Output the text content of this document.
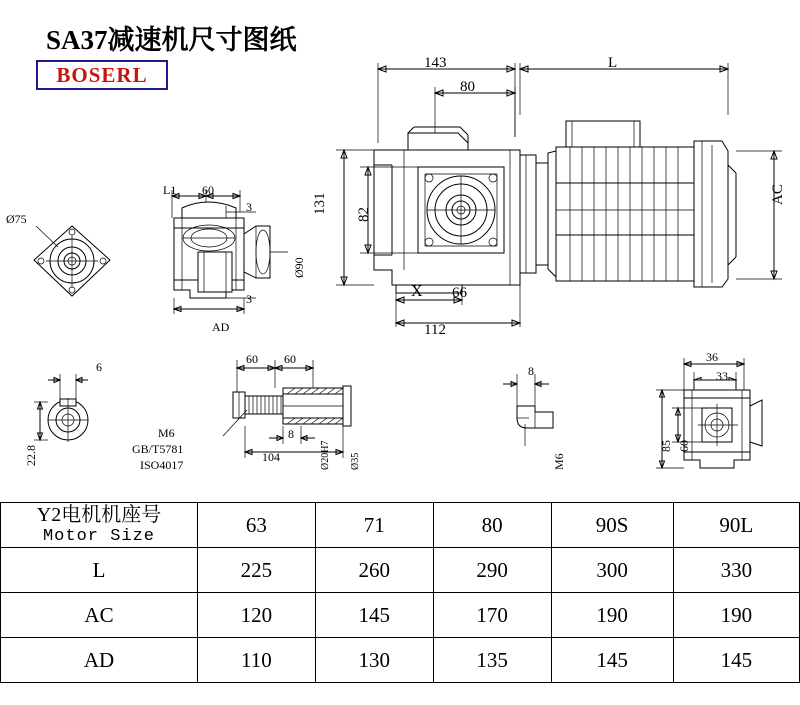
SA37减速机尺寸图纸
BOSERL	143
80
L
131 82
AC
66
112
X
L1 60
3
3
Ø90
AD
Ø75
6
22.8
60 60
8
104	Ø20H7 Ø35
M6
GB/T5781
ISO4017
8
M6
36
33
85 60
Y2电机机座号
Motor Size	63	71	80	90S	90L
L	225	260	290	300	330
AC	120	145	170	190	190
AD	110	130	135	145	145
